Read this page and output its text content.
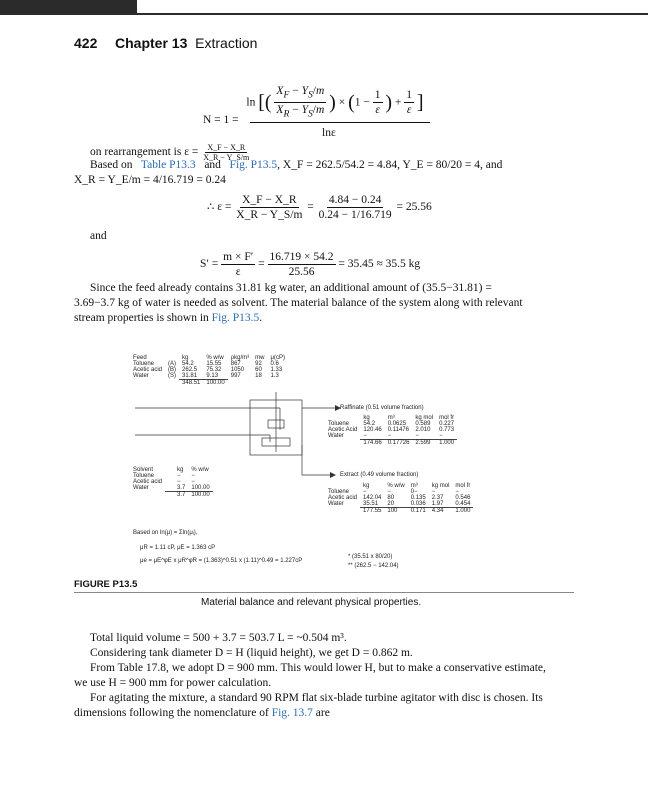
422 Chapter 13 Extraction
N = 1 =
ln [( $\frac{X_F - Y_S/m}{X_R - Y_S/m}$ ) × ($1 - \frac{1}{\varepsilon}$ ) + $\frac{1}{\varepsilon}$ ]
lnε
on rearrangement is $\varepsilon = \frac{X\_F - X\_R}{X\_R - Y\_S/m}$
Based on Table P13.3 and Fig. P13.5, X_F = 262.5/54.2 = 4.84, Y_E = 80/20 = 4, and
X_R = Y_E/m = 4/16.719 = 0.24
∴ $\varepsilon = \frac{X\_F - X\_R}{X\_R - Y\_S/m} = \frac{4.84 - 0.24}{0.24 - 1/16.719} = 25.56$
and
$S' = \frac{m \times F'}{\varepsilon} = \frac{16.719 \times 54.2}{25.56} = 35.45 \approx 35.5$ kg
Since the feed already contains 31.81 kg water, an additional amount of (35.5−31.81) =
3.69−3.7 kg of water is needed as solvent. The material balance of the system along with relevant
stream properties is shown in Fig. P13.5.
Feed		kg	% w/w	ρkg/m³	mw	μ(cP)
Toluene	(A)	54.2	15.55	867	92	0.6
Acetic acid	(B)	262.5	75.32	1050	60	1.33
Water	(S)	31.81	9.13	997	18	1.3
		348.51	100.00			
Raffinate (0.51 volume fraction)
	kg	m³	kg mol	mol fr
Toluene	54.2	0.0625	0.589	0.227
Acetic Acid	120.46	0.11476	2.010	0.773
Water	−	−	−	−
	174.66	0.17726	2.599	1.000
Solvent	kg	% w/w
Toluene	−	−
Acetic acid	−	−
Water	3.7	100.00
	3.7	100.00
Extract (0.49 volume fraction)
	kg	% w/w	m³	kg mol	mol fr
Toluene	−	−	0−	−	−
Acetic acid	142.04	80	0.135	2.37	0.546
Water	35.51	20	0.036	1.97	0.454
	177.55	100	0.171	4.34	1.000
Based on ln(μ) = Σln(μᵢ),
μR = 1.11 cP, μE = 1.363 cP
μe = μE^φE x μR^φR = (1.363)^0.51 x (1.11)^0.49 = 1.227cP
* (35.51 x 80/20)
** (262.5 − 142.04)
FIGURE P13.5
Material balance and relevant physical properties.
Total liquid volume = 500 + 3.7 = 503.7 L = ~0.504 m³.
Considering tank diameter D = H (liquid height), we get D = 0.862 m.
From Table 17.8, we adopt D = 900 mm. This would lower H, but to make a conservative estimate,
we use H = 900 mm for power calculation.
For agitating the mixture, a standard 90 RPM flat six-blade turbine agitator with disc is chosen. Its
dimensions following the nomenclature of Fig. 13.7 are
